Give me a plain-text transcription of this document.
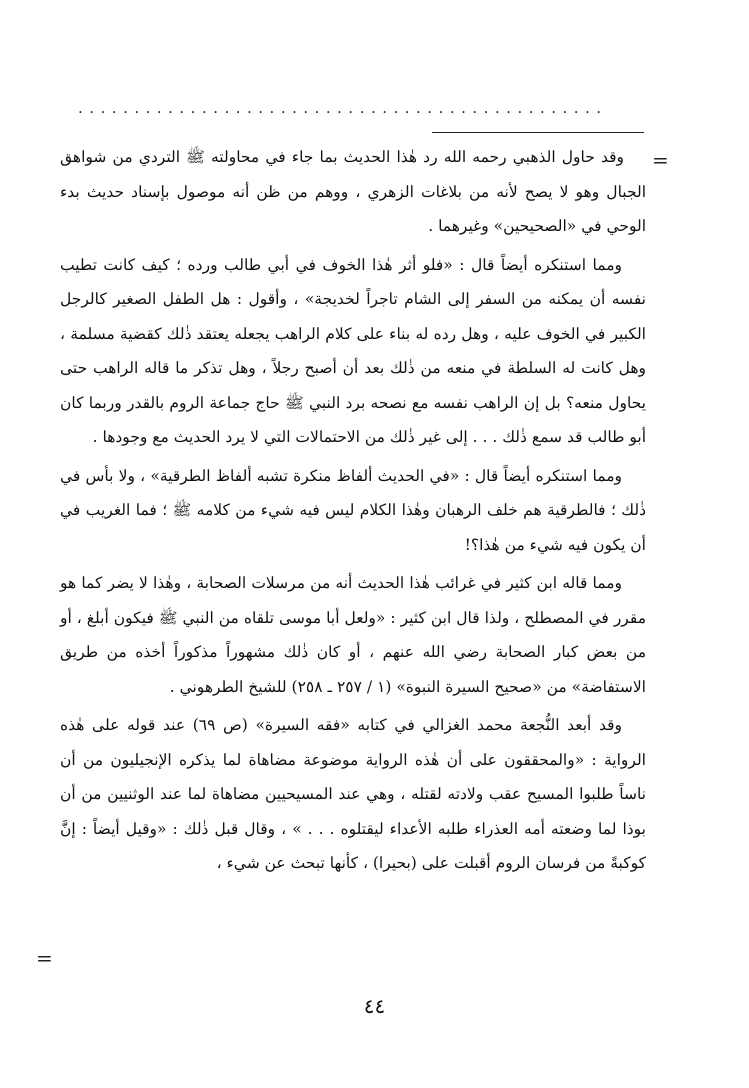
...............................................
=

وقد حاول الذهبي رحمه الله رد هٰذا الحديث بما جاء في محاولته ﷺ التردي من شواهق الجبال وهو لا يصح لأنه من بلاغات الزهري ، ووهم من ظن أنه موصول بإسناد حديث بدء الوحي في «الصحيحين» وغيرهما .

ومما استنكره أيضاً قال : «فلو أثر هٰذا الخوف في أبي طالب ورده ؛ كيف كانت تطيب نفسه أن يمكنه من السفر إلى الشام تاجراً لخديجة» ، وأقول : هل الطفل الصغير كالرجل الكبير في الخوف عليه ، وهل رده له بناء على كلام الراهب يجعله يعتقد ذٰلك كقضية مسلمة ، وهل كانت له السلطة في منعه من ذٰلك بعد أن أصبح رجلاً ، وهل تذكر ما قاله الراهب حتى يحاول منعه؟ بل إن الراهب نفسه مع نصحه برد النبي ﷺ حاج جماعة الروم بالقدر وربما كان أبو طالب قد سمع ذٰلك . . . إلى غير ذٰلك من الاحتمالات التي لا يرد الحديث مع وجودها .

ومما استنكره أيضاً قال : «في الحديث ألفاظ منكرة تشبه ألفاظ الطرقية» ، ولا بأس في ذٰلك ؛ فالطرقية هم خلف الرهبان وهٰذا الكلام ليس فيه شيء من كلامه ﷺ ؛ فما الغريب في أن يكون فيه شيء من هٰذا؟!

ومما قاله ابن كثير في غرائب هٰذا الحديث أنه من مرسلات الصحابة ، وهٰذا لا يضر كما هو مقرر في المصطلح ، ولذا قال ابن كثير : «ولعل أبا موسى تلقاه من النبي ﷺ فيكون أبلغ ، أو من بعض كبار الصحابة رضي الله عنهم ، أو كان ذٰلك مشهوراً مذكوراً أخذه من طريق الاستفاضة» من «صحيح السيرة النبوة» (١ / ٢٥٧ ـ ٢٥٨) للشيخ الطرهوني .

وقد أبعد النُّجعة محمد الغزالي في كتابه «فقه السيرة» (ص ٦٩) عند قوله على هٰذه الرواية : «والمحققون على أن هٰذه الرواية موضوعة مضاهاة لما يذكره الإنجيليون من أن ناساً طلبوا المسيح عقب ولادته لقتله ، وهي عند المسيحيين مضاهاة لما عند الوثنيين من أن بوذا لما وضعته أمه العذراء طلبه الأعداء ليقتلوه . . . » ، وقال قبل ذٰلك : «وقيل أيضاً : إنَّ كوكبةً من فرسان الروم أقبلت على (بحيرا) ، كأنها تبحث عن شيء ،

=
٤٤
